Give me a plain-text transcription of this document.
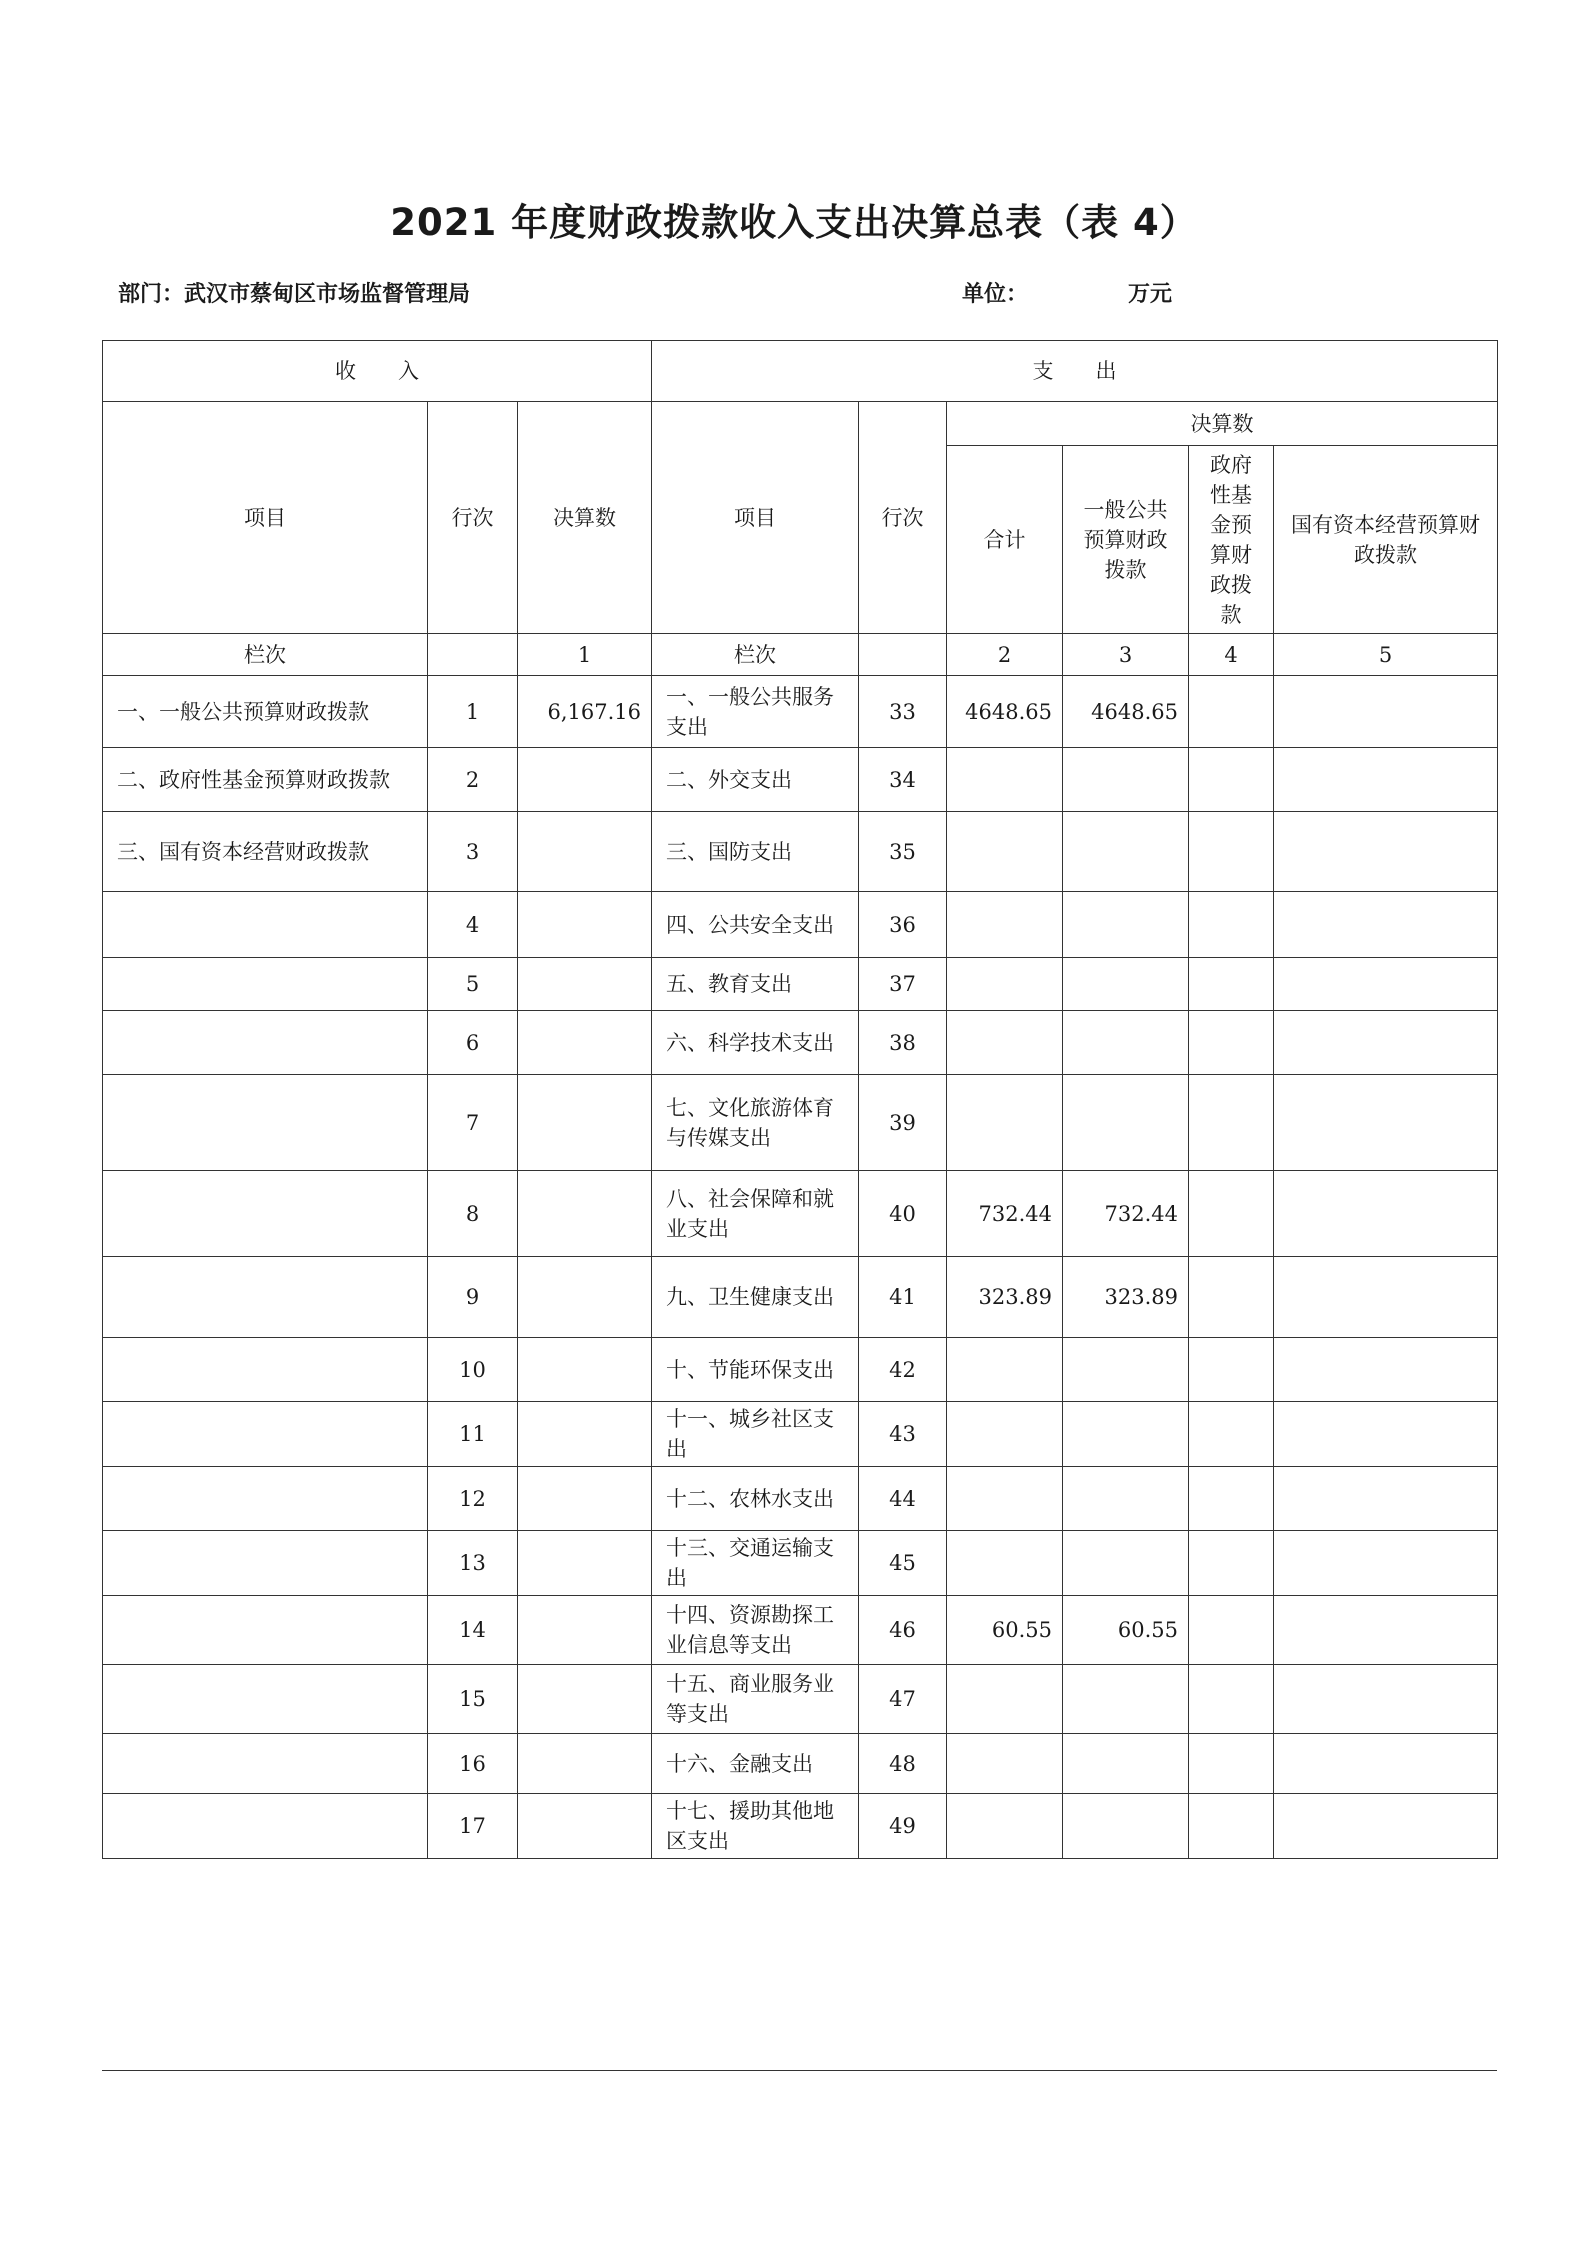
2021 年度财政拨款收入支出决算总表（表 4）
部门：武汉市蔡甸区市场监督管理局	单位：	万元
收　　入			支　　出					
项目	行次	决算数	项目	行次	决算数			
					合计	一般公共预算财政拨款	政府性基金预算财政拨款	国有资本经营预算财政拨款
栏次		1	栏次		2	3	4	5
一、一般公共预算财政拨款	1	6,167.16	一、一般公共服务支出	33	4648.65	4648.65		
二、政府性基金预算财政拨款	2		二、外交支出	34				
三、国有资本经营财政拨款	3		三、国防支出	35				
	4		四、公共安全支出	36				
	5		五、教育支出	37				
	6		六、科学技术支出	38				
	7		七、文化旅游体育与传媒支出	39				
	8		八、社会保障和就业支出	40	732.44	732.44		
	9		九、卫生健康支出	41	323.89	323.89		
	10		十、节能环保支出	42				
	11		十一、城乡社区支出	43				
	12		十二、农林水支出	44				
	13		十三、交通运输支出	45				
	14		十四、资源勘探工业信息等支出	46	60.55	60.55		
	15		十五、商业服务业等支出	47				
	16		十六、金融支出	48				
	17		十七、援助其他地区支出	49				
